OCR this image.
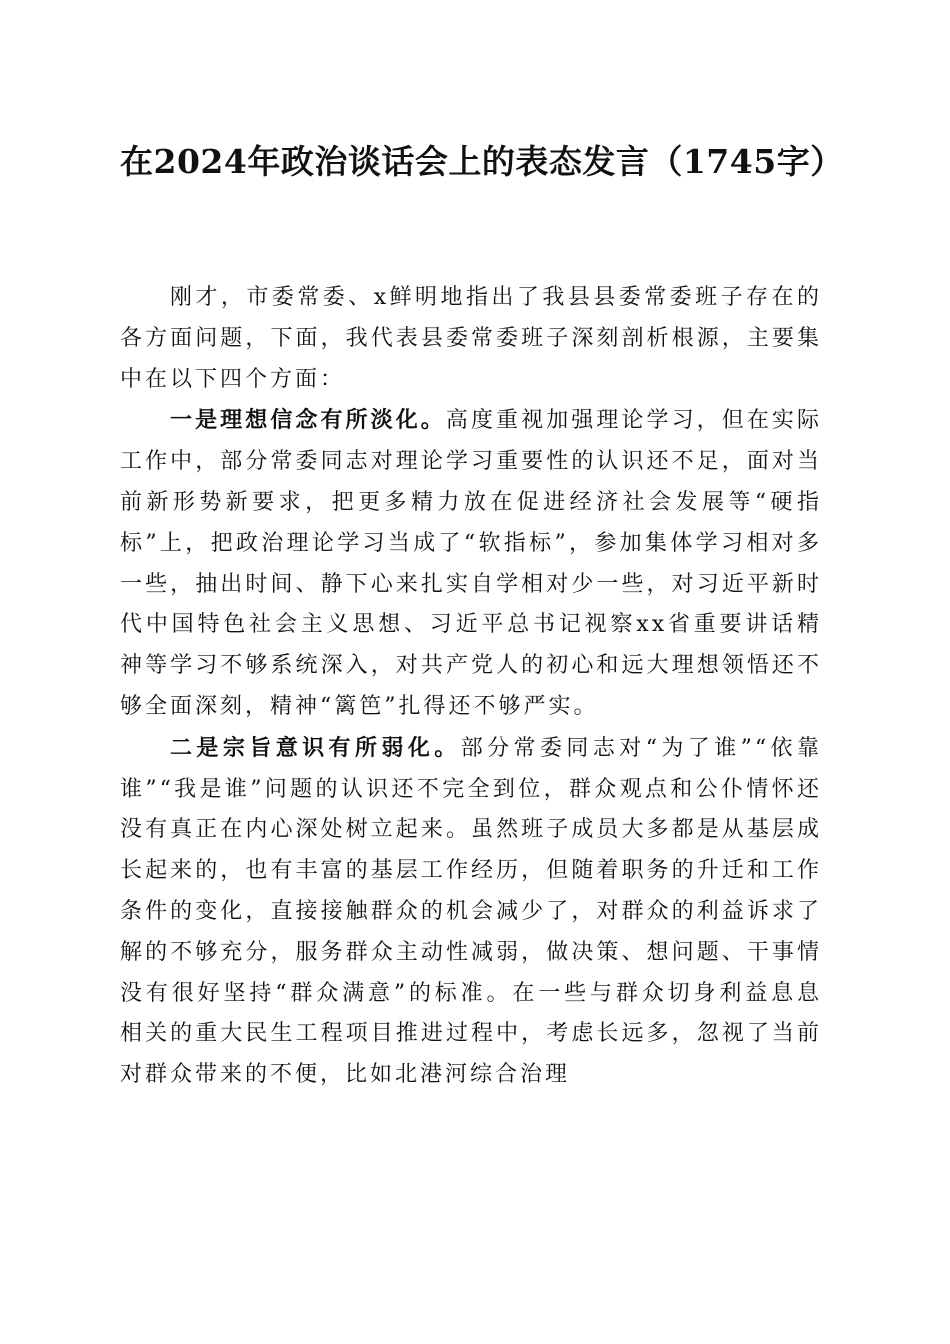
在2024年政治谈话会上的表态发言（1745字）

刚才，市委常委、x鲜明地指出了我县县委常委班子存在的各方面问题，下面，我代表县委常委班子深刻剖析根源，主要集中在以下四个方面：

一是理想信念有所淡化。高度重视加强理论学习，但在实际工作中，部分常委同志对理论学习重要性的认识还不足，面对当前新形势新要求，把更多精力放在促进经济社会发展等“硬指标”上，把政治理论学习当成了“软指标”，参加集体学习相对多一些，抽出时间、静下心来扎实自学相对少一些，对习近平新时代中国特色社会主义思想、习近平总书记视察xx省重要讲话精神等学习不够系统深入，对共产党人的初心和远大理想领悟还不够全面深刻，精神“篱笆”扎得还不够严实。

二是宗旨意识有所弱化。部分常委同志对“为了谁”“依靠谁”“我是谁”问题的认识还不完全到位，群众观点和公仆情怀还没有真正在内心深处树立起来。虽然班子成员大多都是从基层成长起来的，也有丰富的基层工作经历，但随着职务的升迁和工作条件的变化，直接接触群众的机会减少了，对群众的利益诉求了解的不够充分，服务群众主动性减弱，做决策、想问题、干事情没有很好坚持“群众满意”的标准。在一些与群众切身利益息息相关的重大民生工程项目推进过程中，考虑长远多，忽视了当前对群众带来的不便，比如北港河综合治理
